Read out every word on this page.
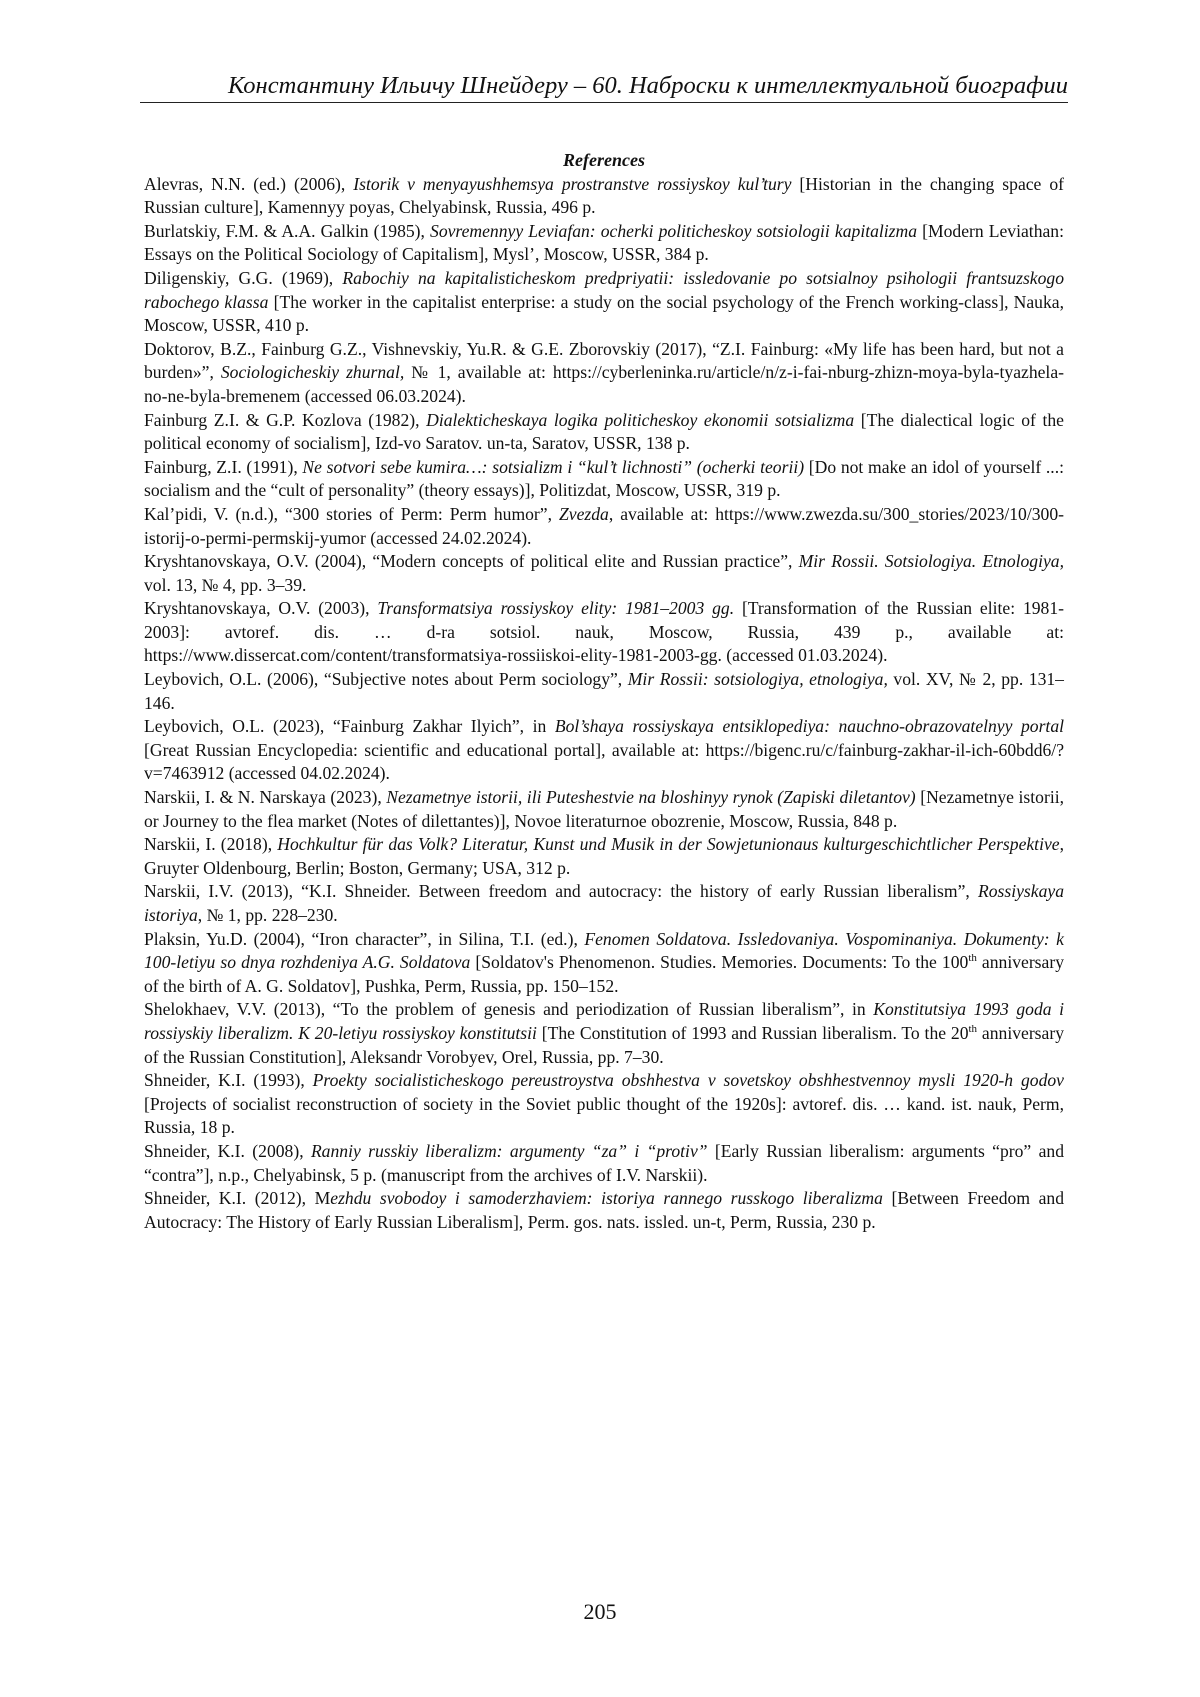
Константину Ильичу Шнейдеру – 60. Наброски к интеллектуальной биографии

References

Alevras, N.N. (ed.) (2006), Istorik v menyayushhemsya prostranstve rossiyskoy kul’tury [Historian in the changing space of Russian culture], Kamennyy poyas, Chelyabinsk, Russia, 496 p.

Burlatskiy, F.M. & A.A. Galkin (1985), Sovremennyy Leviafan: ocherki politicheskoy sotsiologii kapitalizma [Modern Leviathan: Essays on the Political Sociology of Capitalism], Mysl’, Moscow, USSR, 384 p.

Diligenskiy, G.G. (1969), Rabochiy na kapitalisticheskom predpriyatii: issledovanie po sotsialnoy psihologii frantsuzskogo rabochego klassa [The worker in the capitalist enterprise: a study on the social psychology of the French working-class], Nauka, Moscow, USSR, 410 p.

Doktorov, B.Z., Fainburg G.Z., Vishnevskiy, Yu.R. & G.E. Zborovskiy (2017), “Z.I. Fainburg: «My life has been hard, but not a burden»”, Sociologicheskiy zhurnal, № 1, available at: https://cyberleninka.ru/article/n/z-i-fai-nburg-zhizn-moya-byla-tyazhela-no-ne-byla-bremenem (accessed 06.03.2024).

Fainburg Z.I. & G.P. Kozlova (1982), Dialekticheskaya logika politicheskoy ekonomii sotsializma [The dialectical logic of the political economy of socialism], Izd-vo Saratov. un-ta, Saratov, USSR, 138 p.

Fainburg, Z.I. (1991), Ne sotvori sebe kumira…: sotsializm i “kul’t lichnosti” (ocherki teorii) [Do not make an idol of yourself ...: socialism and the “cult of personality” (theory essays)], Politizdat, Moscow, USSR, 319 p.

Kal’pidi, V. (n.d.), “300 stories of Perm: Perm humor”, Zvezda, available at: https://www.zwezda.su/300_stories/2023/10/300-istorij-o-permi-permskij-yumor (accessed 24.02.2024).

Kryshtanovskaya, O.V. (2004), “Modern concepts of political elite and Russian practice”, Mir Rossii. Sotsiologiya. Etnologiya, vol. 13, № 4, pp. 3–39.

Kryshtanovskaya, O.V. (2003), Transformatsiya rossiyskoy elity: 1981–2003 gg. [Transformation of the Russian elite: 1981-2003]: avtoref. dis. … d-ra sotsiol. nauk, Moscow, Russia, 439 p., available at: https://www.dissercat.com/content/transformatsiya-rossiiskoi-elity-1981-2003-gg. (accessed 01.03.2024).

Leybovich, O.L. (2006), “Subjective notes about Perm sociology”, Mir Rossii: sotsiologiya, etnologiya, vol. XV, № 2, pp. 131–146.

Leybovich, O.L. (2023), “Fainburg Zakhar Ilyich”, in Bol’shaya rossiyskaya entsiklopediya: nauchno-obrazovatelnyy portal [Great Russian Encyclopedia: scientific and educational portal], available at: https://bigenc.ru/c/fainburg-zakhar-il-ich-60bdd6/?v=7463912 (accessed 04.02.2024).

Narskii, I. & N. Narskaya (2023), Nezametnye istorii, ili Puteshestvie na bloshinyy rynok (Zapiski diletantov) [Nezametnye istorii, or Journey to the flea market (Notes of dilettantes)], Novoe literaturnoe obozrenie, Moscow, Russia, 848 p.

Narskii, I. (2018), Hochkultur für das Volk? Literatur, Kunst und Musik in der Sowjetunionaus kulturgeschichtlicher Perspektive, Gruyter Oldenbourg, Berlin; Boston, Germany; USA, 312 p.

Narskii, I.V. (2013), “K.I. Shneider. Between freedom and autocracy: the history of early Russian liberalism”, Rossiyskaya istoriya, № 1, pp. 228–230.

Plaksin, Yu.D. (2004), “Iron character”, in Silina, T.I. (ed.), Fenomen Soldatova. Issledovaniya. Vospominaniya. Dokumenty: k 100-letiyu so dnya rozhdeniya A.G. Soldatova [Soldatov's Phenomenon. Studies. Memories. Documents: To the 100th anniversary of the birth of A. G. Soldatov], Pushka, Perm, Russia, pp. 150–152.

Shelokhaev, V.V. (2013), “To the problem of genesis and periodization of Russian liberalism”, in Konstitutsiya 1993 goda i rossiyskiy liberalizm. K 20-letiyu rossiyskoy konstitutsii [The Constitution of 1993 and Russian liberalism. To the 20th anniversary of the Russian Constitution], Aleksandr Vorobyev, Orel, Russia, pp. 7–30.

Shneider, K.I. (1993), Proekty socialisticheskogo pereustroystva obshhestva v sovetskoy obshhestvennoy mysli 1920-h godov [Projects of socialist reconstruction of society in the Soviet public thought of the 1920s]: avtoref. dis. … kand. ist. nauk, Perm, Russia, 18 p.

Shneider, K.I. (2008), Ranniy russkiy liberalizm: argumenty “za” i “protiv” [Early Russian liberalism: arguments “pro” and “contra”], n.p., Chelyabinsk, 5 p. (manuscript from the archives of I.V. Narskii).

Shneider, K.I. (2012), Mezhdu svobodoy i samoderzhaviem: istoriya rannego russkogo liberalizma [Between Freedom and Autocracy: The History of Early Russian Liberalism], Perm. gos. nats. issled. un-t, Perm, Russia, 230 p.

205
